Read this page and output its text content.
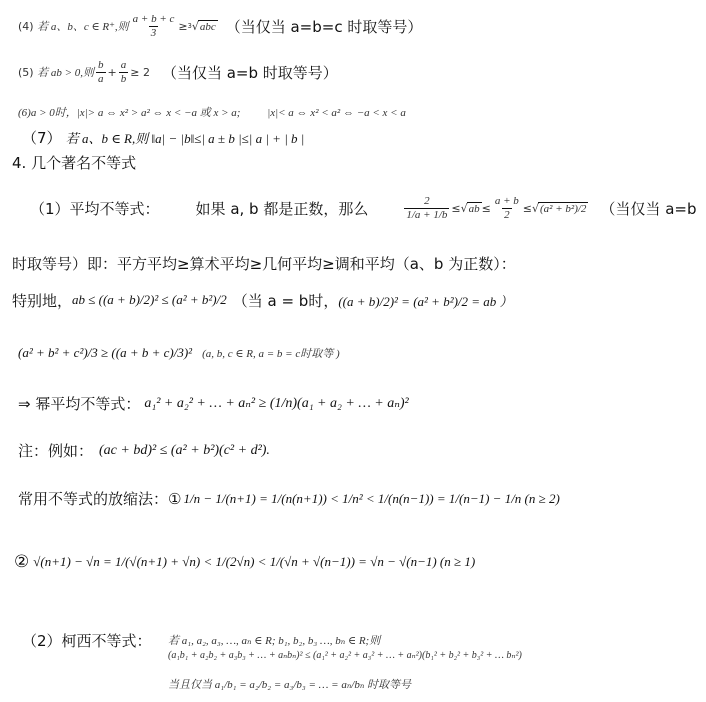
(4)
若 a、b、c ∈ R⁺,则 $\frac{a + b + c}{3} \ge 3$ √ abc （当仅当 a=b=c 时取等号）
(5)
若 ab > 0,则 $\frac{b}{a} + \frac{a}{b} \ge 2$ （当仅当 a=b 时取等号）
(6)a > 0时，|x|> a ⇔ x² > a² ⇔ x < −a 或 x > a; |x|< a ⇔ x² < a² ⇔ −a < x < a
（7） 若 a、b ∈ R,则 ‖a| − |b‖≤| a ± b |≤| a | + | b |
4. 几个著名不等式
（1）平均不等式： 如果 a, b 都是正数，那么	$\frac{2}{1/a + 1/b}$ ≤ √ ab ≤ $\frac{a + b}{2}$ ≤ √ (a² + b²)/2 （当仅当 a=b
时取等号）即：平方平均≥算术平均≥几何平均≥调和平均（a、b 为正数）：
特别地， ab ≤ ((a + b)/2)² ≤ (a² + b²)/2 （当 a = b时， ((a + b)/2)² = (a² + b²)/2 = ab ）
(a² + b² + c²)/3 ≥ ((a + b + c)/3)² (a, b, c ∈ R, a = b = c时取等 )
⇒ 幂平均不等式： a₁² + a₂² + … + aₙ² ≥ (1/n)(a₁ + a₂ + … + aₙ)²
注：例如： (ac + bd)² ≤ (a² + b²)(c² + d²).
常用不等式的放缩法：① 1/n − 1/(n+1) = 1/(n(n+1)) < 1/n² < 1/(n(n−1)) = 1/(n−1) − 1/n (n ≥ 2)
② √(n+1) − √n = 1/(√(n+1) + √n) < 1/(2√n) < 1/(√n + √(n−1)) = √n − √(n−1) (n ≥ 1)
（2）柯西不等式： 若 a₁, a₂, a₃, …, aₙ ∈ R; b₁, b₂, b₃ …, bₙ ∈ R;则
(a₁b₁ + a₂b₂ + a₃b₃ + … + aₙbₙ)² ≤ (a₁² + a₂² + a₃² + … + aₙ²)(b₁² + b₂² + b₃² + … bₙ²)
当且仅当 a₁/b₁ = a₂/b₂ = a₃/b₃ = … = aₙ/bₙ 时取等号
